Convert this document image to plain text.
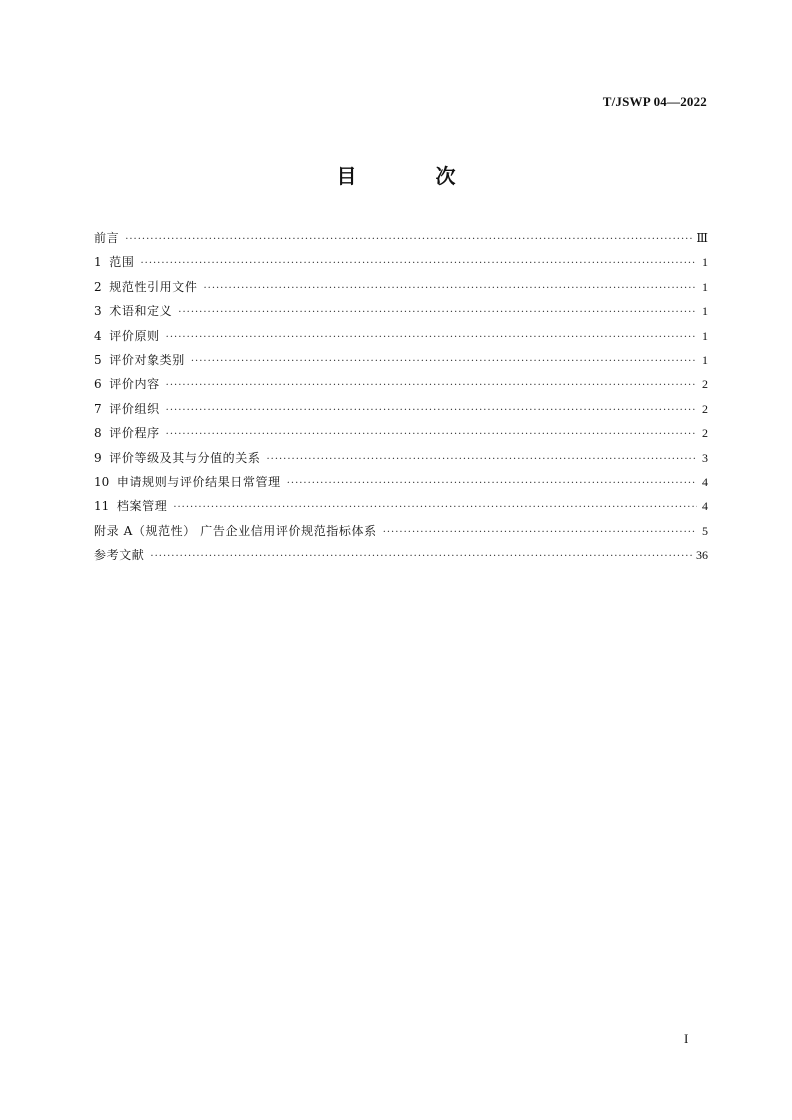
T/JSWP 04—2022
目 次
前言 ·····	Ⅲ
1 范围 ·····	1
2 规范性引用文件 ·····	1
3 术语和定义 ·····	1
4 评价原则 ·····	1
5 评价对象类别 ·····	1
6 评价内容 ·····	2
7 评价组织 ·····	2
8 评价程序 ·····	2
9 评价等级及其与分值的关系 ·····	3
10 申请规则与评价结果日常管理 ·····	4
11 档案管理 ·····	4
附录 A（规范性） 广告企业信用评价规范指标体系 ·····	5
参考文献 ·····	36
I
